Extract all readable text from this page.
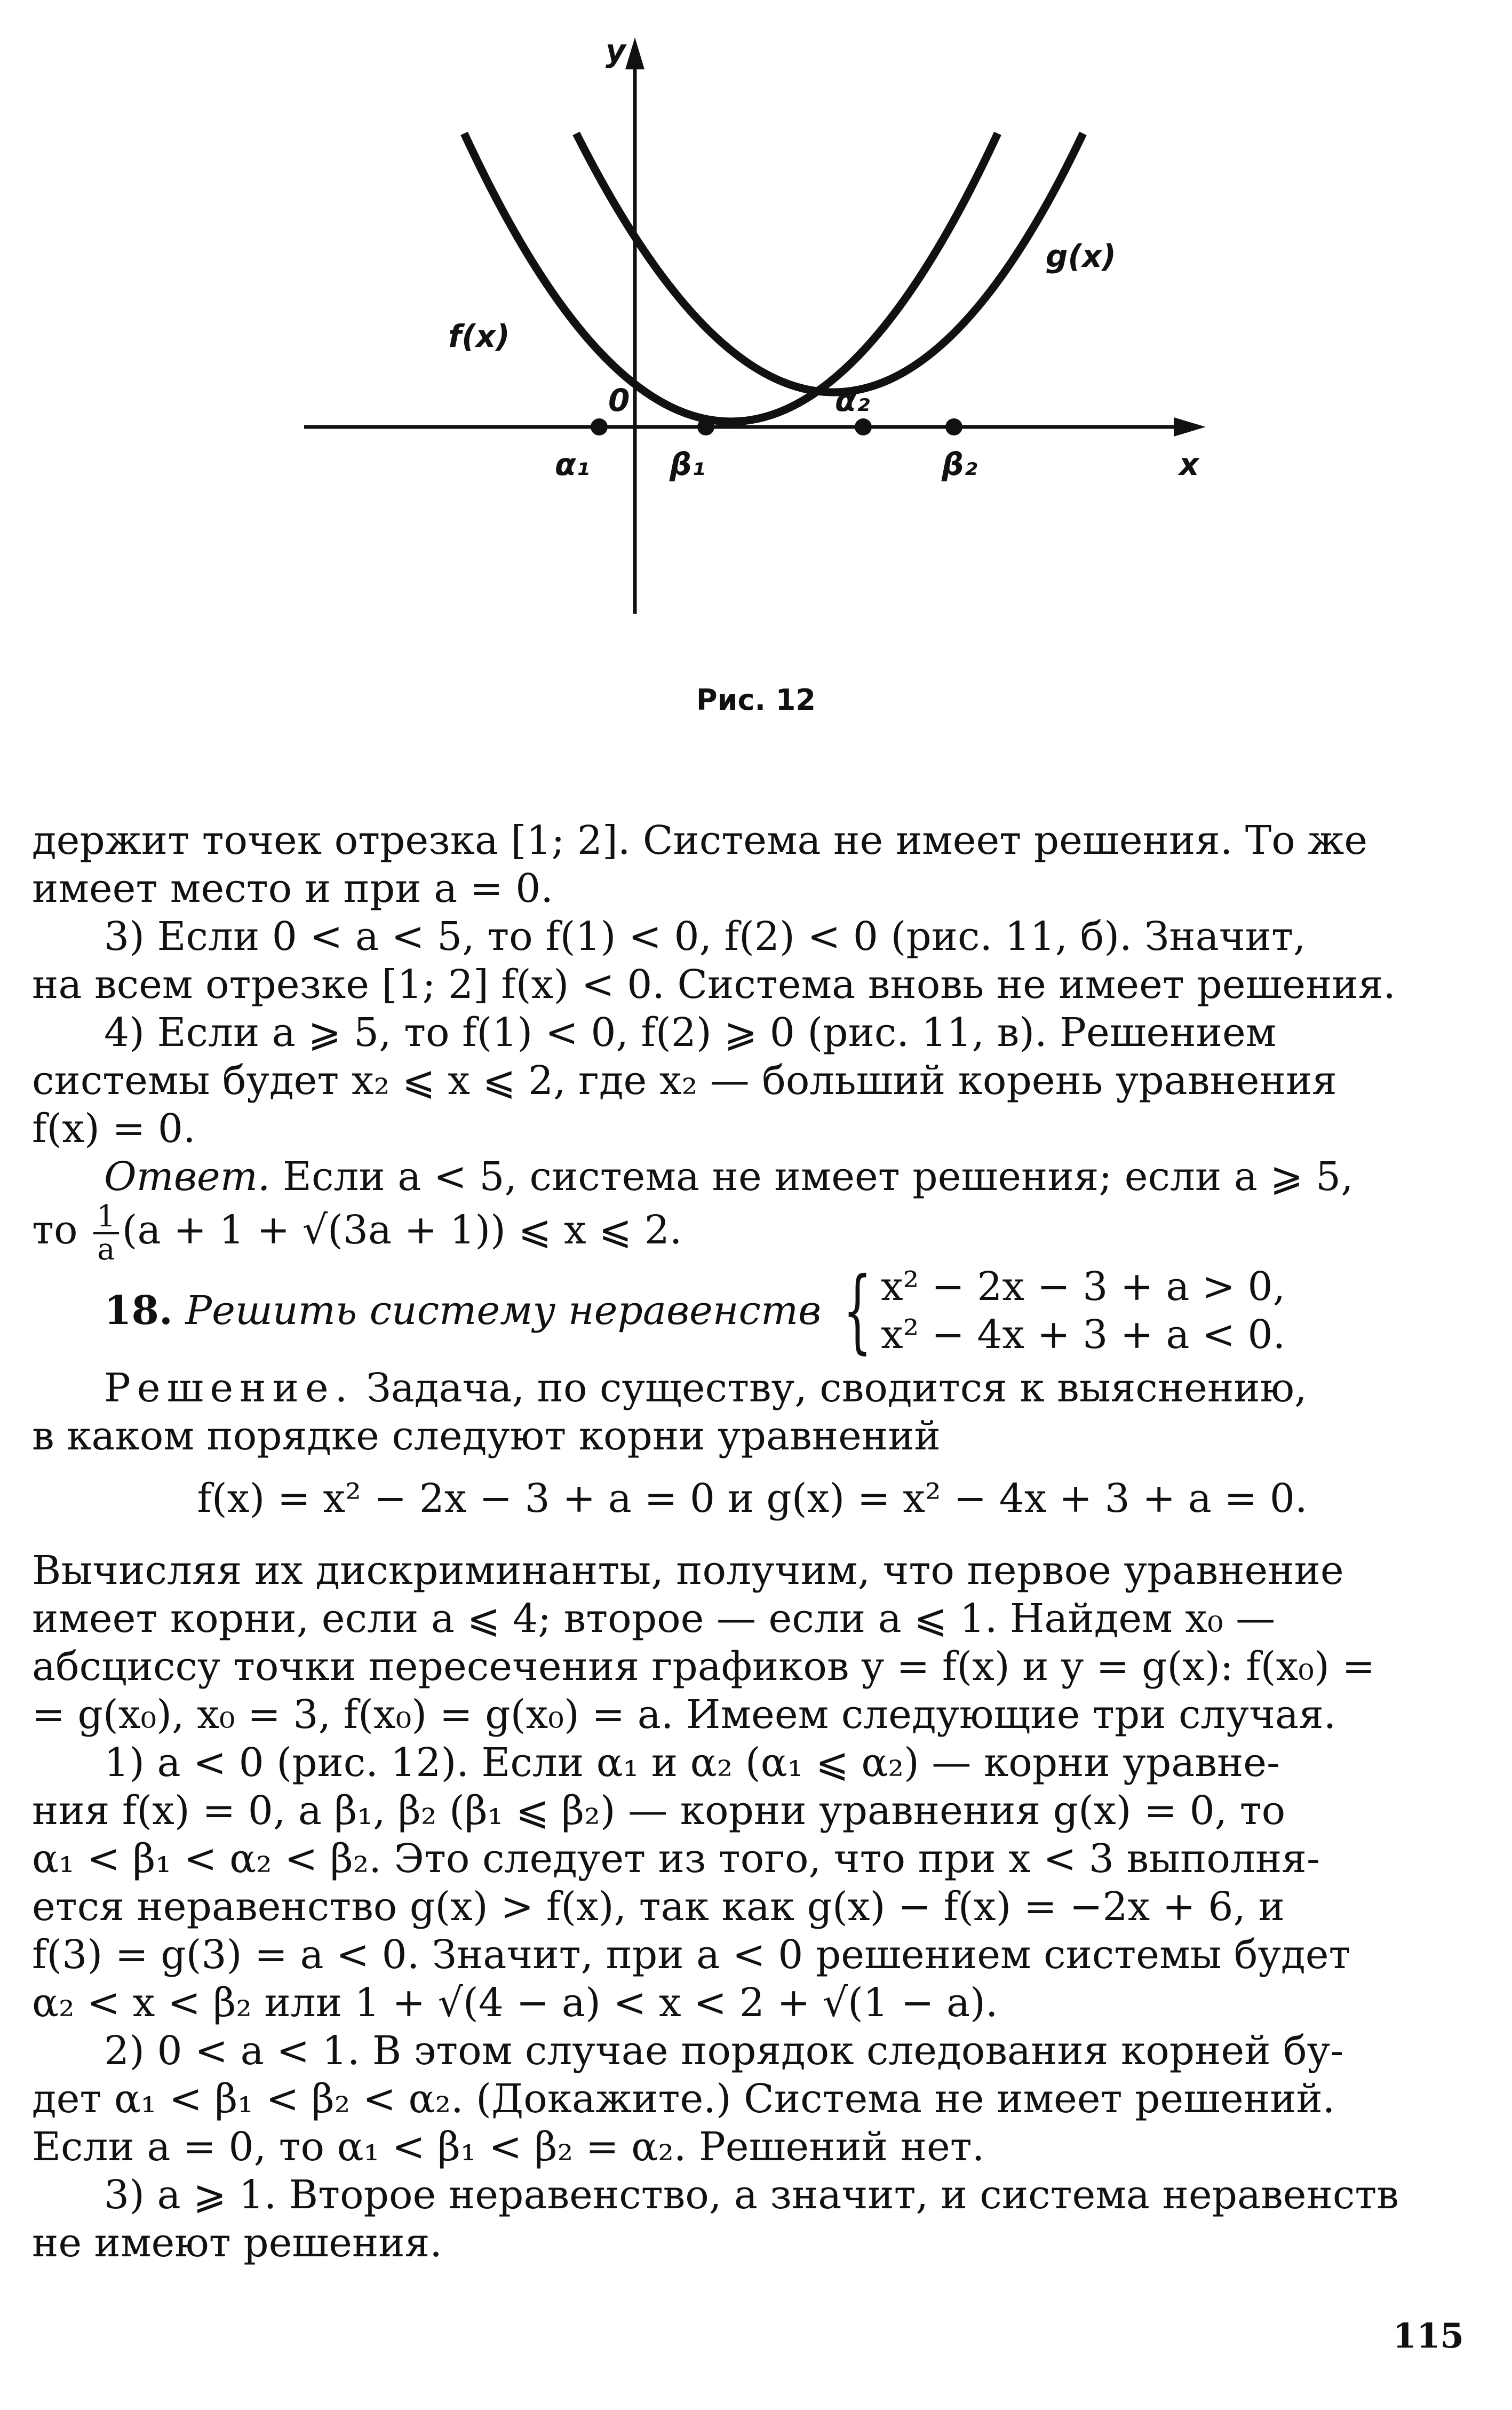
y
x
0
f(x)
g(x)
α₁	β₁
α₂
β₂
Рис. 12
держит точек отрезка [1; 2]. Система не имеет решения. То же
имеет место и при a = 0.
3) Если 0 < a < 5, то f(1) < 0, f(2) < 0 (рис. 11, б). Значит,
на всем отрезке [1; 2] f(x) < 0. Система вновь не имеет решения.
4) Если a ⩾ 5, то f(1) < 0, f(2) ⩾ 0 (рис. 11, в). Решением
системы будет x₂ ⩽ x ⩽ 2, где x₂ — больший корень уравнения
f(x) = 0.
Ответ. Если a < 5, система не имеет решения; если a ⩾ 5,
то $\frac{1}{a} (a + 1 + √(3a + 1))$ ⩽ x ⩽ 2.
18.
Решить систему неравенств
{ x² − 2x − 3 + a > 0,
x² − 4x + 3 + a < 0.
Решение. Задача, по существу, сводится к выяснению,
в каком порядке следуют корни уравнений
f(x) = x² − 2x − 3 + a = 0 и g(x) = x² − 4x + 3 + a = 0.
Вычисляя их дискриминанты, получим, что первое уравнение
имеет корни, если a ⩽ 4; второе — если a ⩽ 1. Найдем x₀ —
абсциссу точки пересечения графиков y = f(x) и y = g(x): f(x₀) =
= g(x₀), x₀ = 3, f(x₀) = g(x₀) = a. Имеем следующие три случая.
1) a < 0 (рис. 12). Если α₁ и α₂ (α₁ ⩽ α₂) — корни уравне-
ния f(x) = 0, а β₁, β₂ (β₁ ⩽ β₂) — корни уравнения g(x) = 0, то
α₁ < β₁ < α₂ < β₂. Это следует из того, что при x < 3 выполня-
ется неравенство g(x) > f(x), так как g(x) − f(x) = −2x + 6, и
f(3) = g(3) = a < 0. Значит, при a < 0 решением системы будет
α₂ < x < β₂ или 1 + √(4 − a) < x < 2 + √(1 − a).
2) 0 < a < 1. В этом случае порядок следования корней бу-
дет α₁ < β₁ < β₂ < α₂. (Докажите.) Система не имеет решений.
Если a = 0, то α₁ < β₁ < β₂ = α₂. Решений нет.
3) a ⩾ 1. Второе неравенство, а значит, и система неравенств
не имеют решения.
115
